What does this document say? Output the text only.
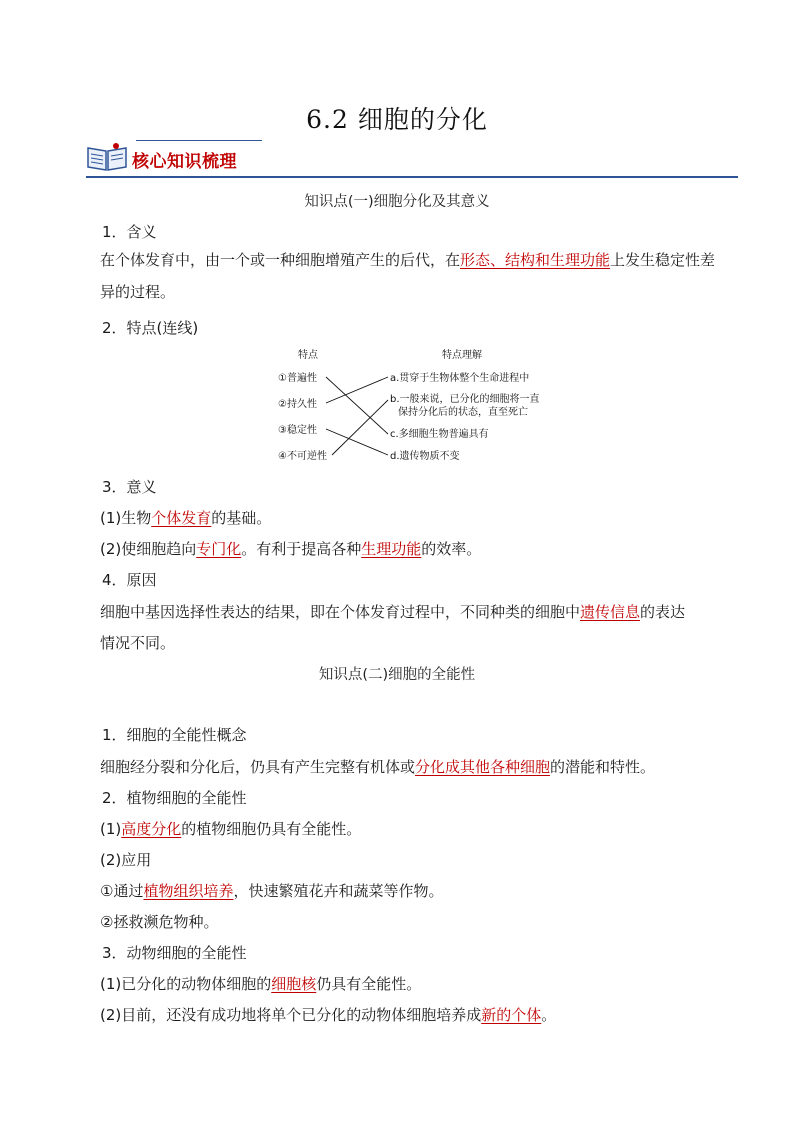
6.2 细胞的分化
核心知识梳理
知识点(一)细胞分化及其意义
1．含义
在个体发育中，由一个或一种细胞增殖产生的后代，在形态、结构和生理功能上发生稳定性差异的过程。
2．特点(连线)
特点	特点理解
①普遍性
②持久性
③稳定性
④不可逆性
a.贯穿于生物体整个生命进程中
b.一般来说，已分化的细胞将一直
保持分化后的状态，直至死亡
c.多细胞生物普遍具有
d.遗传物质不变
3．意义
(1)生物个体发育的基础。
(2)使细胞趋向专门化。有利于提高各种生理功能的效率。
4．原因
细胞中基因选择性表达的结果，即在个体发育过程中，不同种类的细胞中遗传信息的表达
情况不同。
知识点(二)细胞的全能性
1．细胞的全能性概念
细胞经分裂和分化后，仍具有产生完整有机体或分化成其他各种细胞的潜能和特性。
2．植物细胞的全能性
(1)高度分化的植物细胞仍具有全能性。
(2)应用
①通过植物组织培养，快速繁殖花卉和蔬菜等作物。
②拯救濒危物种。
3．动物细胞的全能性
(1)已分化的动物体细胞的细胞核仍具有全能性。
(2)目前，还没有成功地将单个已分化的动物体细胞培养成新的个体。
